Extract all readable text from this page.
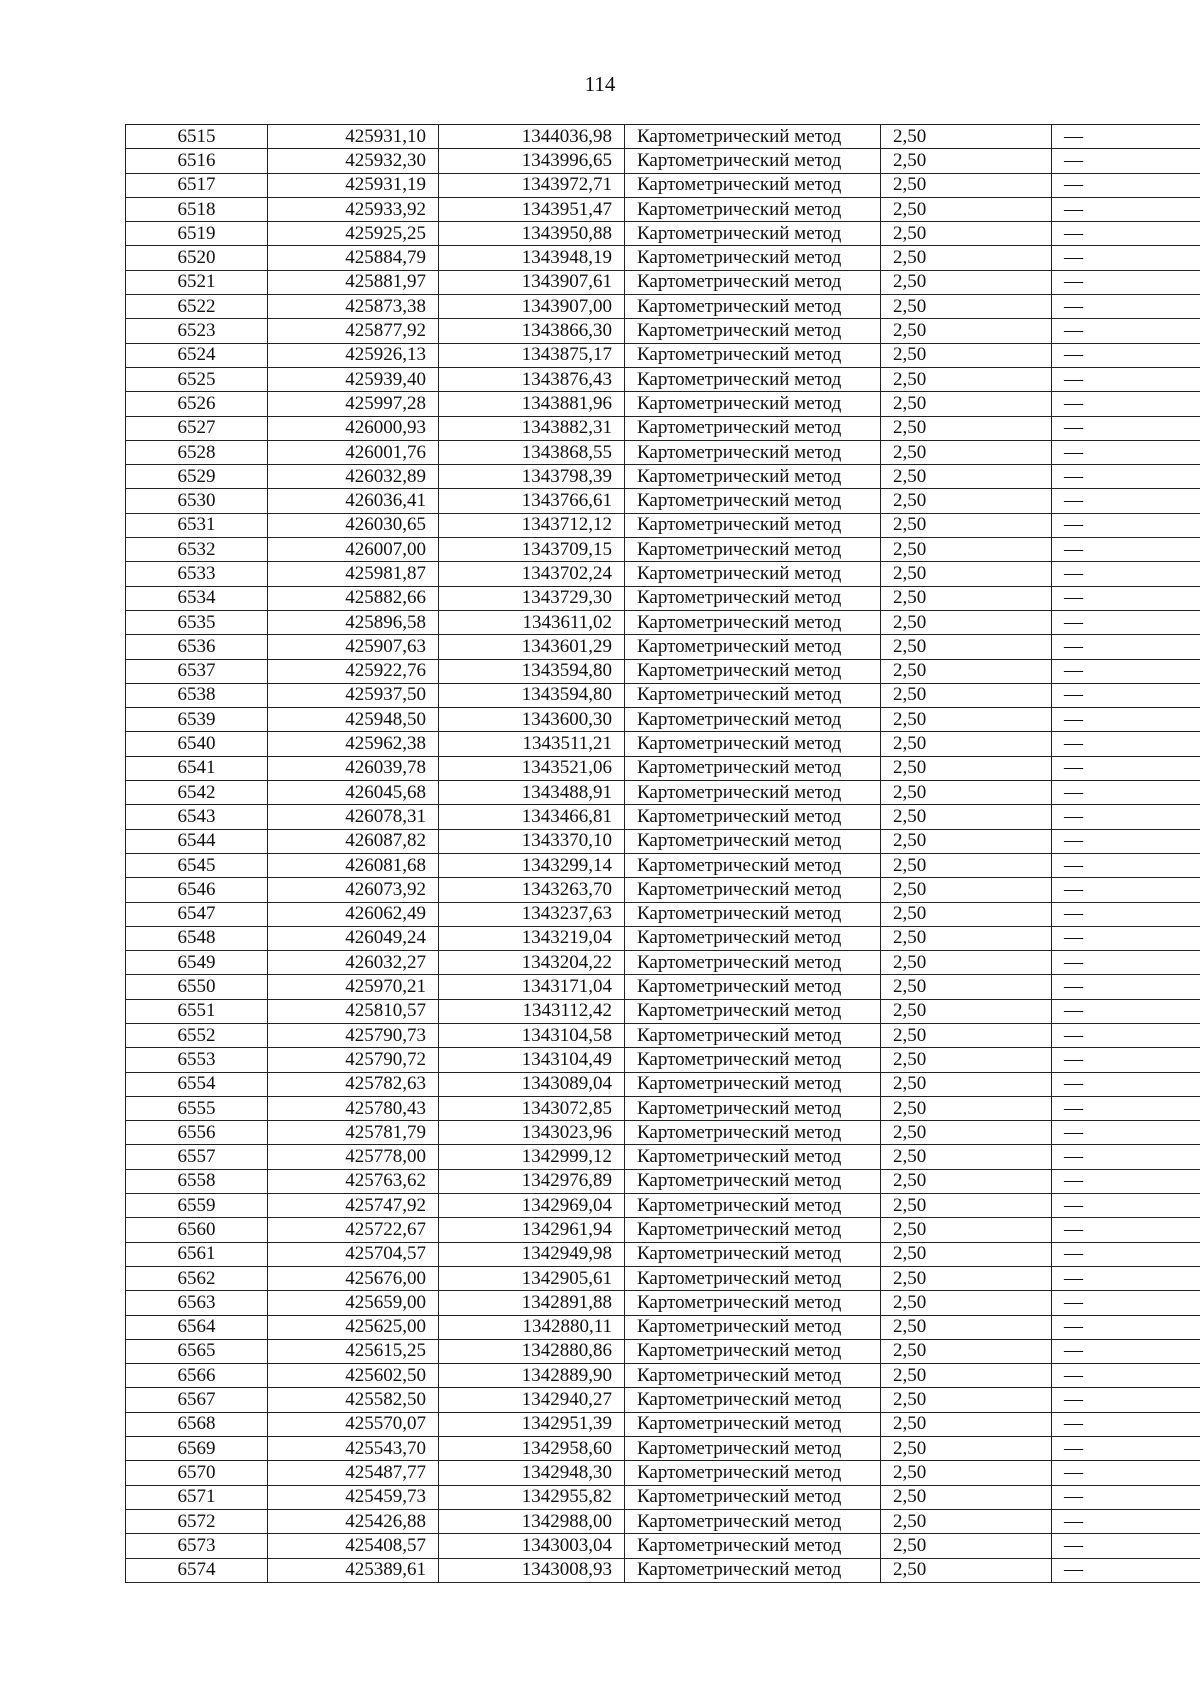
114
6515	425931,10	1344036,98	Картометрический метод	2,50	—
6516	425932,30	1343996,65	Картометрический метод	2,50	—
6517	425931,19	1343972,71	Картометрический метод	2,50	—
6518	425933,92	1343951,47	Картометрический метод	2,50	—
6519	425925,25	1343950,88	Картометрический метод	2,50	—
6520	425884,79	1343948,19	Картометрический метод	2,50	—
6521	425881,97	1343907,61	Картометрический метод	2,50	—
6522	425873,38	1343907,00	Картометрический метод	2,50	—
6523	425877,92	1343866,30	Картометрический метод	2,50	—
6524	425926,13	1343875,17	Картометрический метод	2,50	—
6525	425939,40	1343876,43	Картометрический метод	2,50	—
6526	425997,28	1343881,96	Картометрический метод	2,50	—
6527	426000,93	1343882,31	Картометрический метод	2,50	—
6528	426001,76	1343868,55	Картометрический метод	2,50	—
6529	426032,89	1343798,39	Картометрический метод	2,50	—
6530	426036,41	1343766,61	Картометрический метод	2,50	—
6531	426030,65	1343712,12	Картометрический метод	2,50	—
6532	426007,00	1343709,15	Картометрический метод	2,50	—
6533	425981,87	1343702,24	Картометрический метод	2,50	—
6534	425882,66	1343729,30	Картометрический метод	2,50	—
6535	425896,58	1343611,02	Картометрический метод	2,50	—
6536	425907,63	1343601,29	Картометрический метод	2,50	—
6537	425922,76	1343594,80	Картометрический метод	2,50	—
6538	425937,50	1343594,80	Картометрический метод	2,50	—
6539	425948,50	1343600,30	Картометрический метод	2,50	—
6540	425962,38	1343511,21	Картометрический метод	2,50	—
6541	426039,78	1343521,06	Картометрический метод	2,50	—
6542	426045,68	1343488,91	Картометрический метод	2,50	—
6543	426078,31	1343466,81	Картометрический метод	2,50	—
6544	426087,82	1343370,10	Картометрический метод	2,50	—
6545	426081,68	1343299,14	Картометрический метод	2,50	—
6546	426073,92	1343263,70	Картометрический метод	2,50	—
6547	426062,49	1343237,63	Картометрический метод	2,50	—
6548	426049,24	1343219,04	Картометрический метод	2,50	—
6549	426032,27	1343204,22	Картометрический метод	2,50	—
6550	425970,21	1343171,04	Картометрический метод	2,50	—
6551	425810,57	1343112,42	Картометрический метод	2,50	—
6552	425790,73	1343104,58	Картометрический метод	2,50	—
6553	425790,72	1343104,49	Картометрический метод	2,50	—
6554	425782,63	1343089,04	Картометрический метод	2,50	—
6555	425780,43	1343072,85	Картометрический метод	2,50	—
6556	425781,79	1343023,96	Картометрический метод	2,50	—
6557	425778,00	1342999,12	Картометрический метод	2,50	—
6558	425763,62	1342976,89	Картометрический метод	2,50	—
6559	425747,92	1342969,04	Картометрический метод	2,50	—
6560	425722,67	1342961,94	Картометрический метод	2,50	—
6561	425704,57	1342949,98	Картометрический метод	2,50	—
6562	425676,00	1342905,61	Картометрический метод	2,50	—
6563	425659,00	1342891,88	Картометрический метод	2,50	—
6564	425625,00	1342880,11	Картометрический метод	2,50	—
6565	425615,25	1342880,86	Картометрический метод	2,50	—
6566	425602,50	1342889,90	Картометрический метод	2,50	—
6567	425582,50	1342940,27	Картометрический метод	2,50	—
6568	425570,07	1342951,39	Картометрический метод	2,50	—
6569	425543,70	1342958,60	Картометрический метод	2,50	—
6570	425487,77	1342948,30	Картометрический метод	2,50	—
6571	425459,73	1342955,82	Картометрический метод	2,50	—
6572	425426,88	1342988,00	Картометрический метод	2,50	—
6573	425408,57	1343003,04	Картометрический метод	2,50	—
6574	425389,61	1343008,93	Картометрический метод	2,50	—
